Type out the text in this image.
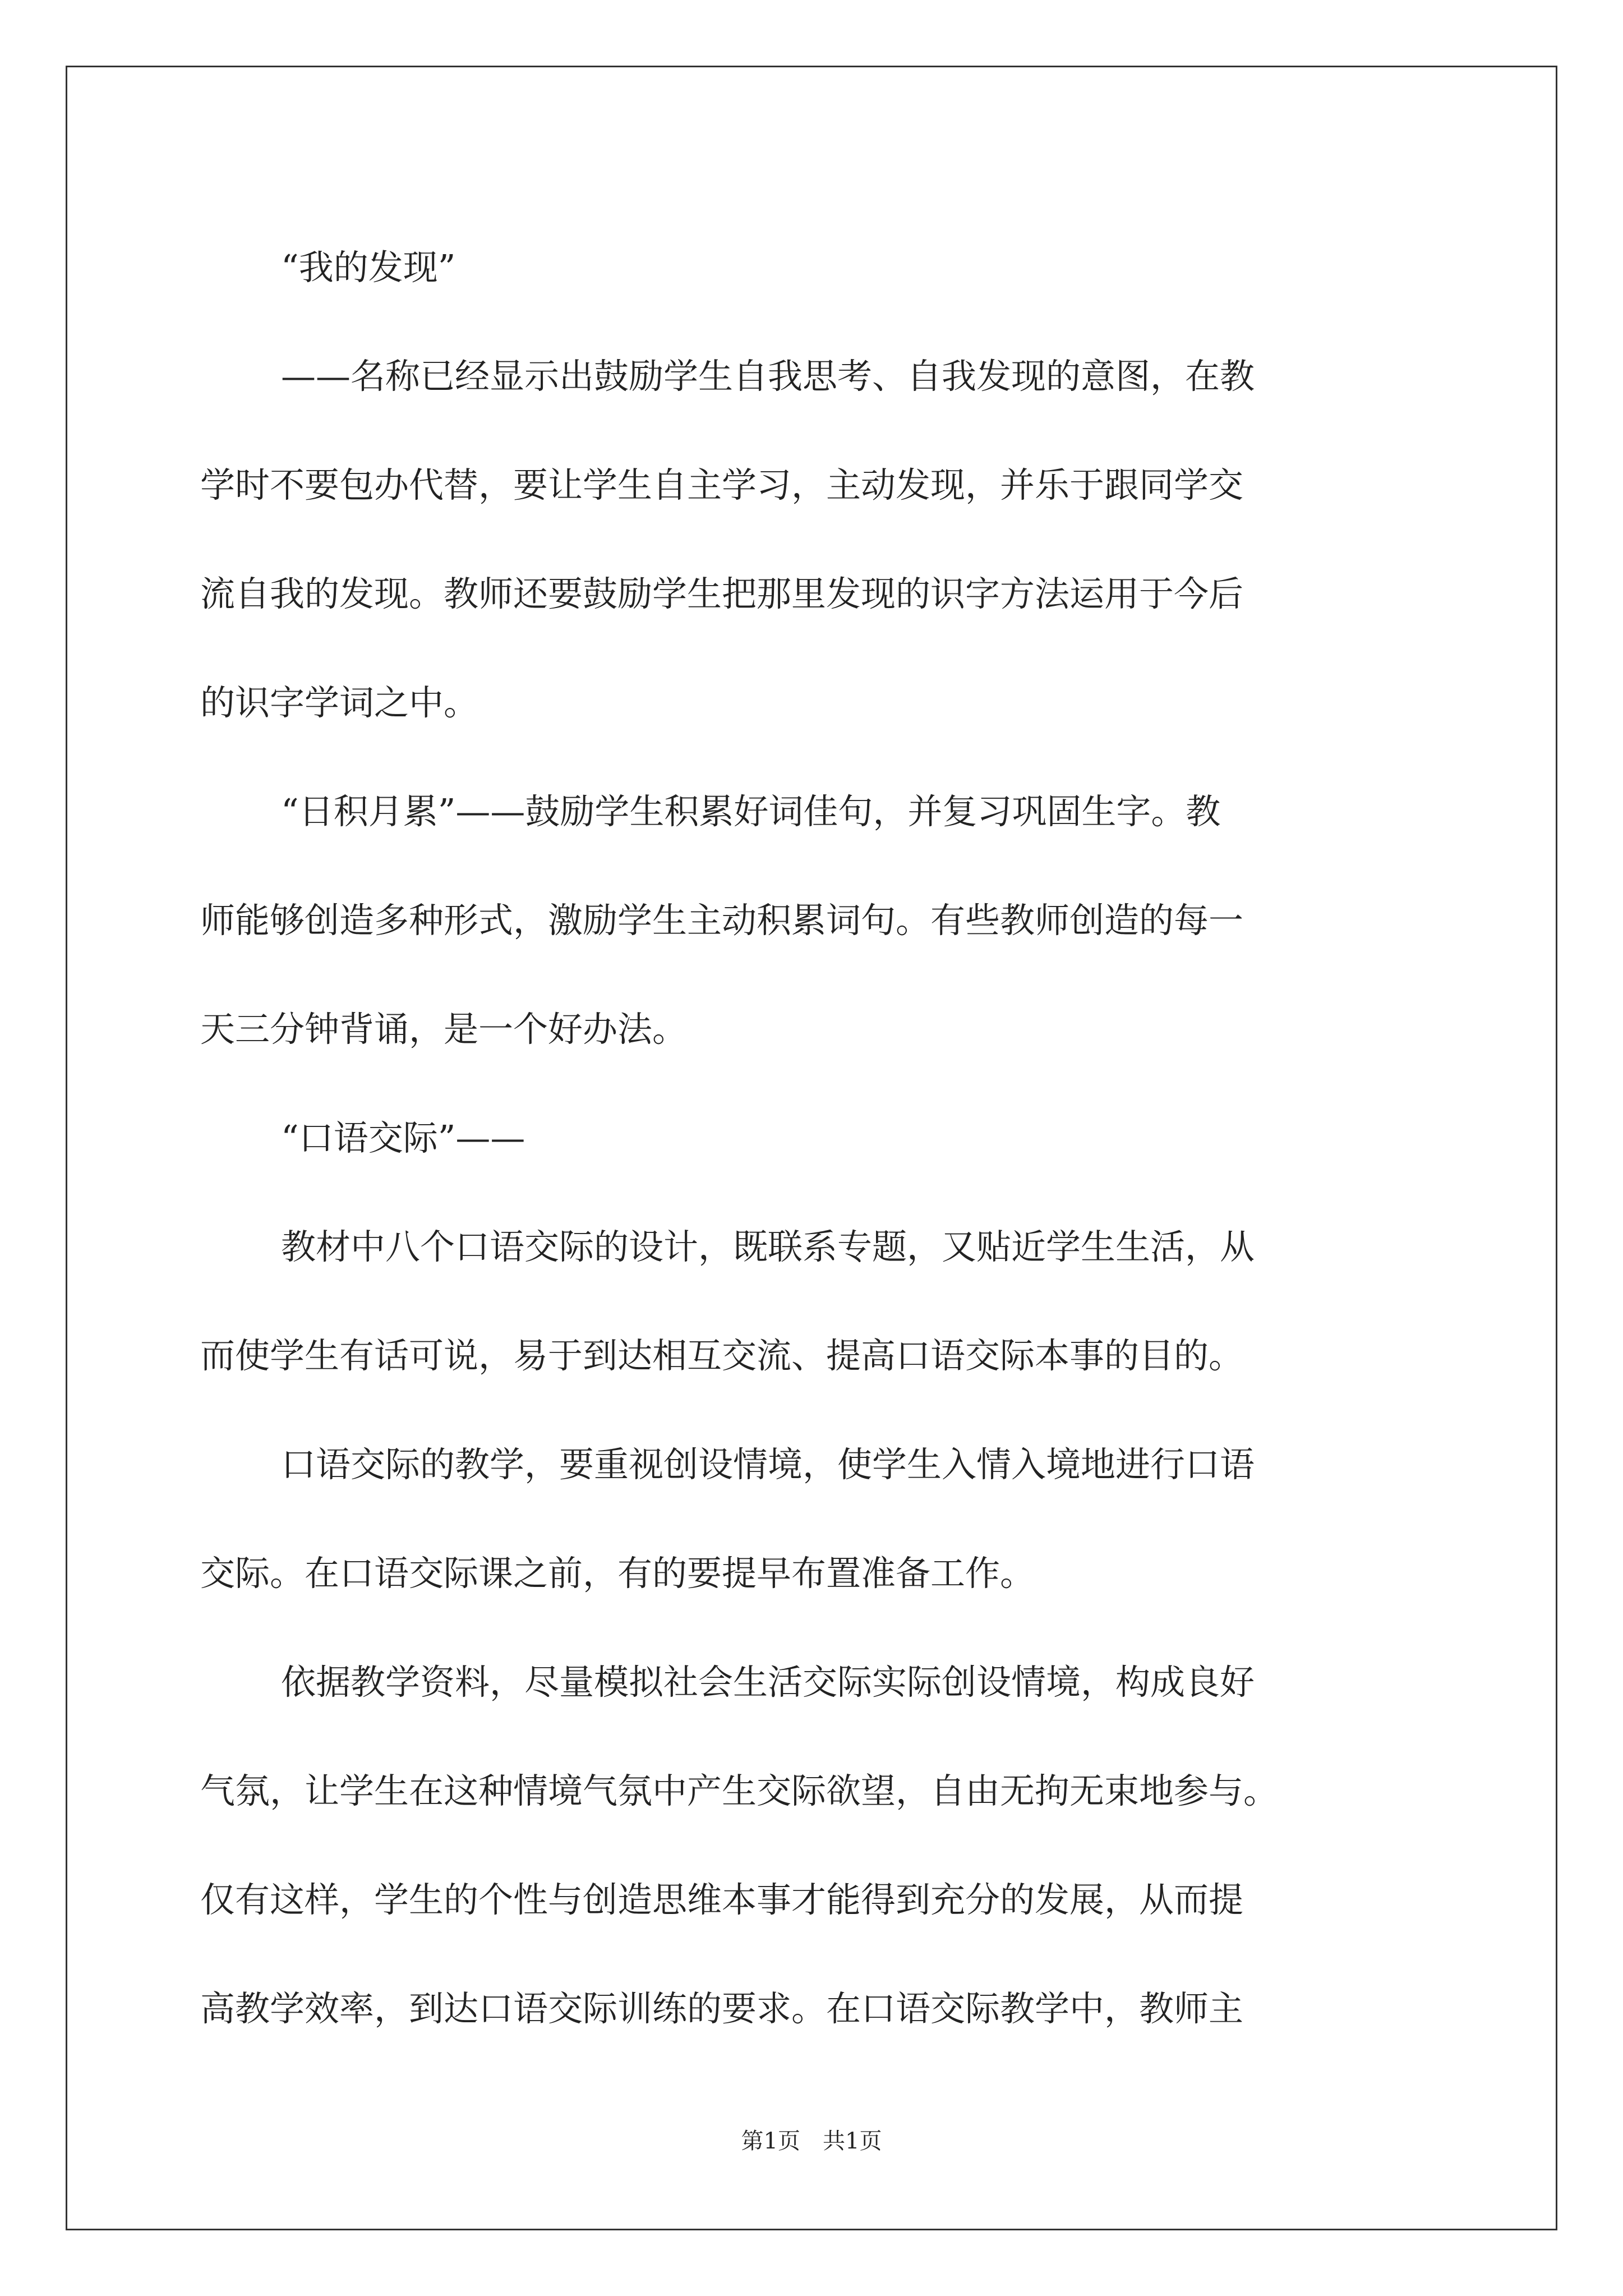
“我的发现”
——名称已经显示出鼓励学生自我思考、自我发现的意图，在教
学时不要包办代替，要让学生自主学习，主动发现，并乐于跟同学交
流自我的发现。教师还要鼓励学生把那里发现的识字方法运用于今后
的识字学词之中。
“日积月累”——鼓励学生积累好词佳句，并复习巩固生字。教
师能够创造多种形式，激励学生主动积累词句。有些教师创造的每一
天三分钟背诵，是一个好办法。
“口语交际”——
教材中八个口语交际的设计，既联系专题，又贴近学生生活，从
而使学生有话可说，易于到达相互交流、提高口语交际本事的目的。
口语交际的教学，要重视创设情境，使学生入情入境地进行口语
交际。在口语交际课之前，有的要提早布置准备工作。
依据教学资料，尽量模拟社会生活交际实际创设情境，构成良好
气氛，让学生在这种情境气氛中产生交际欲望，自由无拘无束地参与。
仅有这样，学生的个性与创造思维本事才能得到充分的发展，从而提
高教学效率，到达口语交际训练的要求。在口语交际教学中，教师主
第1页　共1页
